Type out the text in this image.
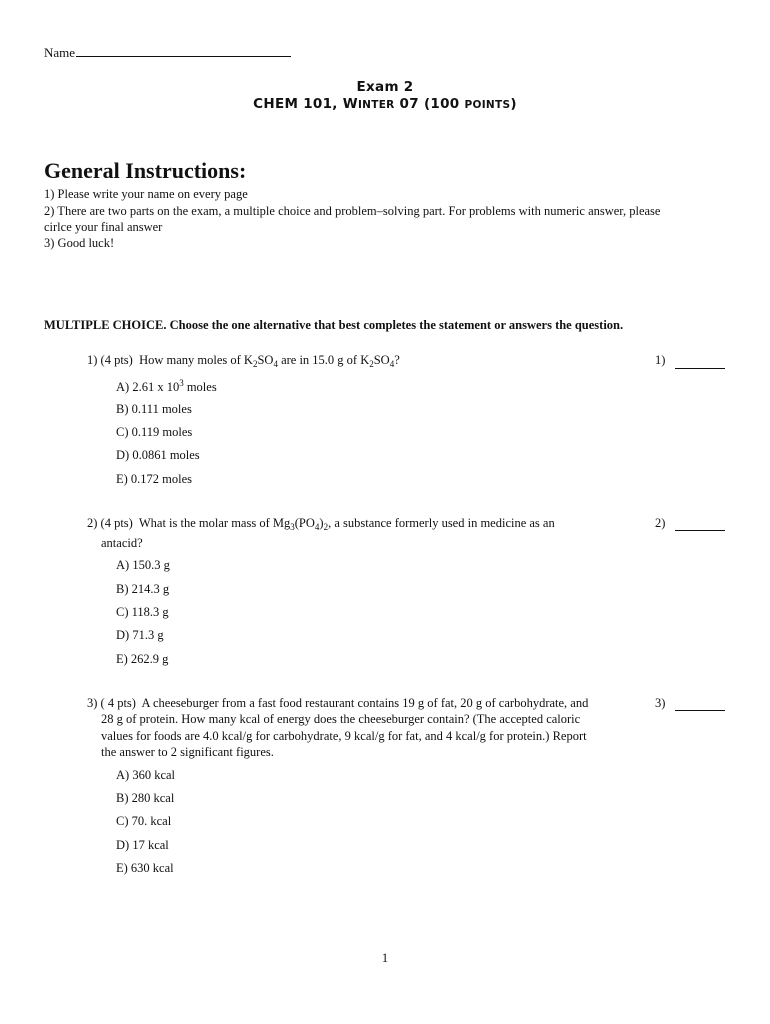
Name
Exam 2
CHEM 101, WINTER 07 (100 POINTS)
General Instructions:
1) Please write your name on every page
2) There are two parts on the exam, a multiple choice and problem–solving part. For problems with numeric answer, please
cirlce your final answer
3) Good luck!
MULTIPLE CHOICE. Choose the one alternative that best completes the statement or answers the question.
1) (4 pts) How many moles of $K_2SO_4$ are in 15.0 g of $K_2SO_4$?	1)
A) 2.61 x $10^3$ moles
B) 0.111 moles
C) 0.119 moles
D) 0.0861 moles
E) 0.172 moles
2) (4 pts) What is the molar mass of $Mg_3(PO_4)_2$, a substance formerly used in medicine as an
antacid?
2)
A) 150.3 g
B) 214.3 g
C) 118.3 g
D) 71.3 g
E) 262.9 g
3) ( 4 pts) A cheeseburger from a fast food restaurant contains 19 g of fat, 20 g of carbohydrate, and
28 g of protein. How many kcal of energy does the cheeseburger contain? (The accepted caloric
values for foods are 4.0 kcal/g for carbohydrate, 9 kcal/g for fat, and 4 kcal/g for protein.) Report
the answer to 2 significant figures.
3)
A) 360 kcal
B) 280 kcal
C) 70. kcal
D) 17 kcal
E) 630 kcal
1
